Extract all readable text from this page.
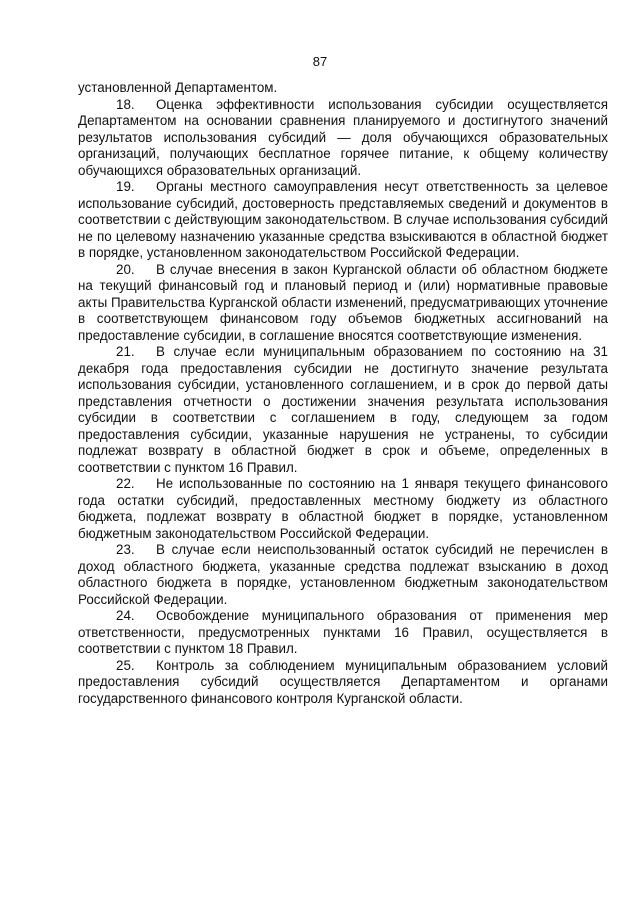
87

установленной Департаментом.

18. Оценка эффективности использования субсидии осуществляется Департаментом на основании сравнения планируемого и достигнутого значений результатов использования субсидий — доля обучающихся образовательных организаций, получающих бесплатное горячее питание, к общему количеству обучающихся образовательных организаций.

19. Органы местного самоуправления несут ответственность за целевое использование субсидий, достоверность представляемых сведений и документов в соответствии с действующим законодательством. В случае использования субсидий не по целевому назначению указанные средства взыскиваются в областной бюджет в порядке, установленном законодательством Российской Федерации.

20. В случае внесения в закон Курганской области об областном бюджете на текущий финансовый год и плановый период и (или) нормативные правовые акты Правительства Курганской области изменений, предусматривающих уточнение в соответствующем финансовом году объемов бюджетных ассигнований на предоставление субсидии, в соглашение вносятся соответствующие изменения.

21. В случае если муниципальным образованием по состоянию на 31 декабря года предоставления субсидии не достигнуто значение результата использования субсидии, установленного соглашением, и в срок до первой даты представления отчетности о достижении значения результата использования субсидии в соответствии с соглашением в году, следующем за годом предоставления субсидии, указанные нарушения не устранены, то субсидии подлежат возврату в областной бюджет в срок и объеме, определенных в соответствии с пунктом 16 Правил.

22. Не использованные по состоянию на 1 января текущего финансового года остатки субсидий, предоставленных местному бюджету из областного бюджета, подлежат возврату в областной бюджет в порядке, установленном бюджетным законодательством Российской Федерации.

23. В случае если неиспользованный остаток субсидий не перечислен в доход областного бюджета, указанные средства подлежат взысканию в доход областного бюджета в порядке, установленном бюджетным законодательством Российской Федерации.

24. Освобождение муниципального образования от применения мер ответственности, предусмотренных пунктами 16 Правил, осуществляется в соответствии с пунктом 18 Правил.

25. Контроль за соблюдением муниципальным образованием условий предоставления субсидий осуществляется Департаментом и органами государственного финансового контроля Курганской области.
